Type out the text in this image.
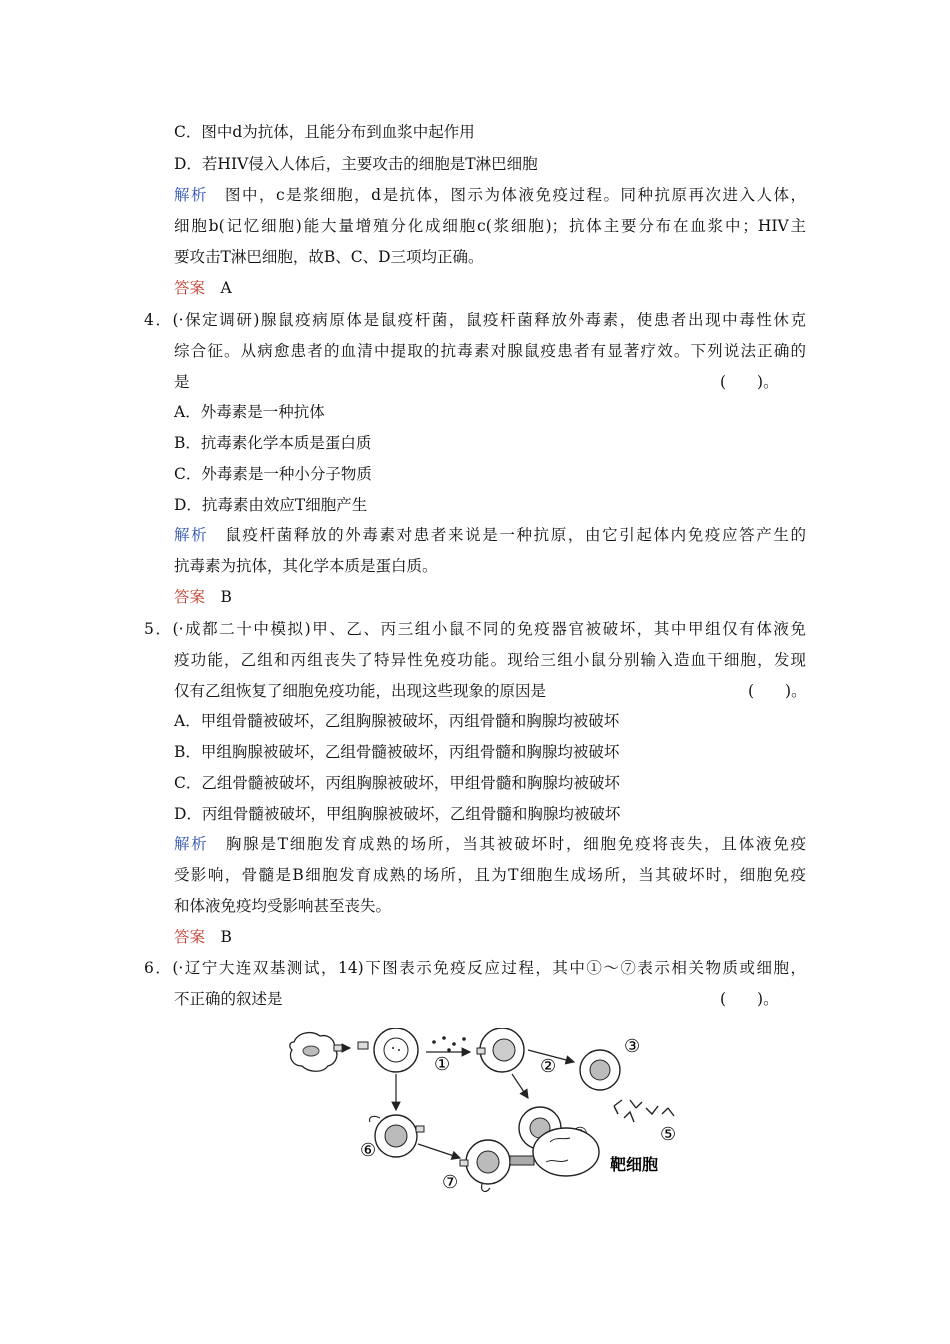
C．图中d为抗体，且能分布到血浆中起作用
D．若HIV侵入人体后，主要攻击的细胞是T淋巴细胞
解析　 图中，c是浆细胞，d是抗体，图示为体液免疫过程。同种抗原再次进入人体，
细胞b(记忆细胞)能大量增殖分化成细胞c(浆细胞)；抗体主要分布在血浆中；HIV主
要攻击T淋巴细胞，故B、C、D三项均正确。
答案　 A
4．(·保定调研)腺鼠疫病原体是鼠疫杆菌，鼠疫杆菌释放外毒素，使患者出现中毒性休克
综合征。从病愈患者的血清中提取的抗毒素对腺鼠疫患者有显著疗效。下列说法正确的
是	(　　)。
A．外毒素是一种抗体
B．抗毒素化学本质是蛋白质
C．外毒素是一种小分子物质
D．抗毒素由效应T细胞产生
解析　 鼠疫杆菌释放的外毒素对患者来说是一种抗原，由它引起体内免疫应答产生的
抗毒素为抗体，其化学本质是蛋白质。
答案　 B
5．(·成都二十中模拟)甲、乙、丙三组小鼠不同的免疫器官被破坏，其中甲组仅有体液免
疫功能，乙组和丙组丧失了特异性免疫功能。现给三组小鼠分别输入造血干细胞，发现
仅有乙组恢复了细胞免疫功能，出现这些现象的原因是	(　　)。
A．甲组骨髓被破坏，乙组胸腺被破坏，丙组骨髓和胸腺均被破坏
B．甲组胸腺被破坏，乙组骨髓被破坏，丙组骨髓和胸腺均被破坏
C．乙组骨髓被破坏，丙组胸腺被破坏，甲组骨髓和胸腺均被破坏
D．丙组骨髓被破坏，甲组胸腺被破坏，乙组骨髓和胸腺均被破坏
解析　 胸腺是T细胞发育成熟的场所，当其被破坏时，细胞免疫将丧失，且体液免疫
受影响，骨髓是B细胞发育成熟的场所，且为T细胞生成场所，当其破坏时，细胞免疫
和体液免疫均受影响甚至丧失。
答案　 B
6．(·辽宁大连双基测试，14)下图表示免疫反应过程，其中①～⑦表示相关物质或细胞，
不正确的叙述是	(　　)。
①	②
③
⑤
⑥
⑦
靶细胞
